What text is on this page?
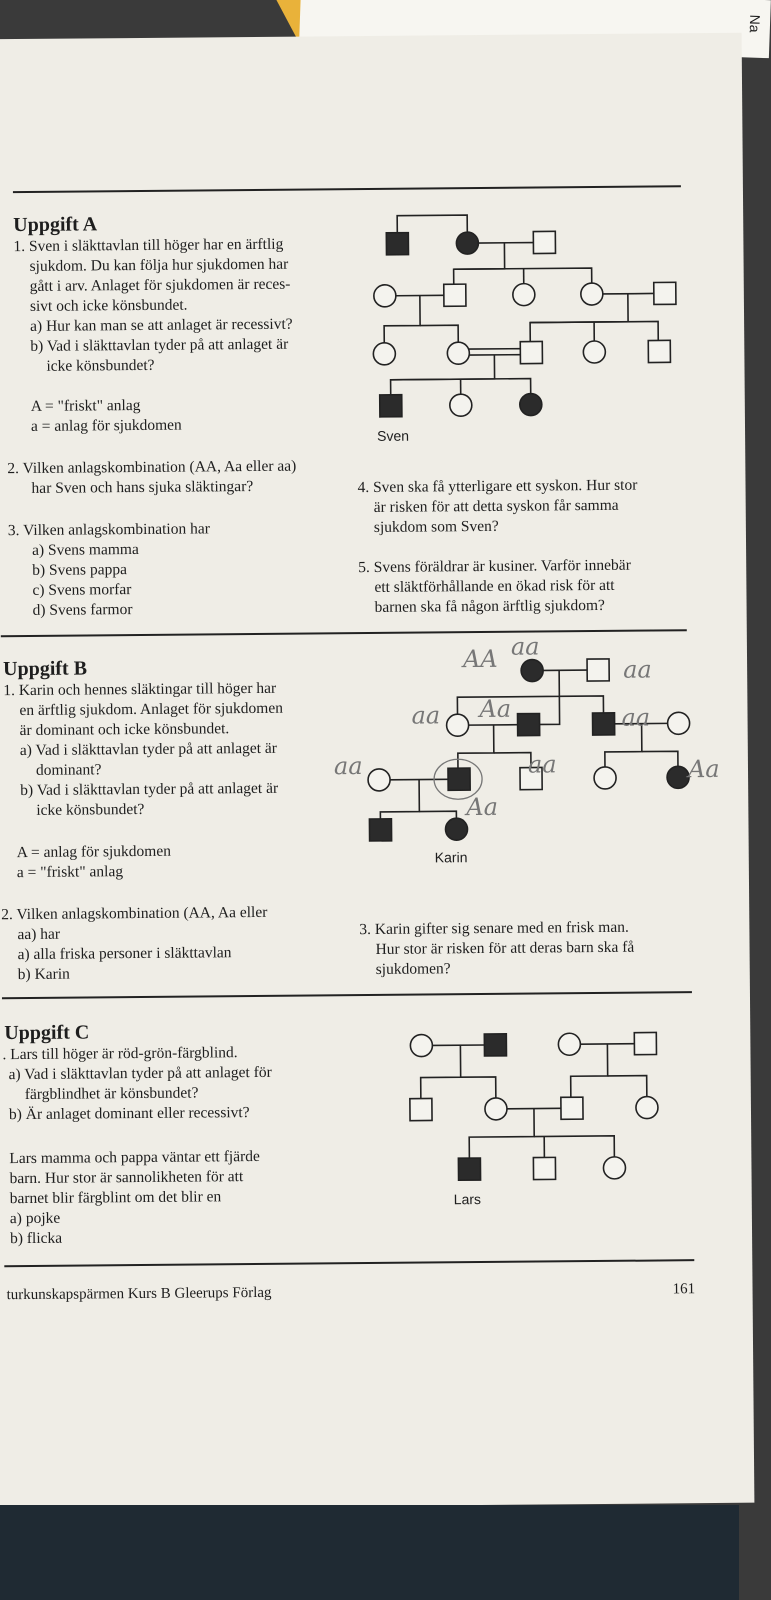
Na
Uppgift A
1. Sven i släkttavlan till höger har en ärftlig
sjukdom. Du kan följa hur sjukdomen har
gått i arv. Anlaget för sjukdomen är reces-
sivt och icke könsbundet.
a) Hur kan man se att anlaget är recessivt?
b) Vad i släkttavlan tyder på att anlaget är
icke könsbundet?
A = "friskt" anlag
a = anlag för sjukdomen
2. Vilken anlagskombination (AA, Aa eller aa)
har Sven och hans sjuka släktingar?
3. Vilken anlagskombination har
a) Svens mamma
b) Svens pappa
c) Svens morfar
d) Svens farmor
4. Sven ska få ytterligare ett syskon. Hur stor
är risken för att detta syskon får samma
sjukdom som Sven?
5. Svens föräldrar är kusiner. Varför innebär
ett släktförhållande en ökad risk för att
barnen ska få någon ärftlig sjukdom?
Uppgift B
1. Karin och hennes släktingar till höger har
en ärftlig sjukdom. Anlaget för sjukdomen
är dominant och icke könsbundet.
a) Vad i släkttavlan tyder på att anlaget är
dominant?
b) Vad i släkttavlan tyder på att anlaget är
icke könsbundet?
A = anlag för sjukdomen
a = "friskt" anlag
2. Vilken anlagskombination (AA, Aa eller
aa) har
a) alla friska personer i släkttavlan
b) Karin
3. Karin gifter sig senare med en frisk man.
Hur stor är risken för att deras barn ska få
sjukdomen?
Uppgift C
. Lars till höger är röd-grön-färgblind.
a) Vad i släkttavlan tyder på att anlaget för
färgblindhet är könsbundet?
b) Är anlaget dominant eller recessivt?
Lars mamma och pappa väntar ett fjärde
barn. Hur stor är sannolikheten för att
barnet blir färgblint om det blir en
a) pojke
b) flicka
turkunskapspärmen Kurs B Gleerups Förlag	161
Sven
Karin
Lars
AA aa
aa
aa Aa	aa
aa
Aa
aa	Aa
